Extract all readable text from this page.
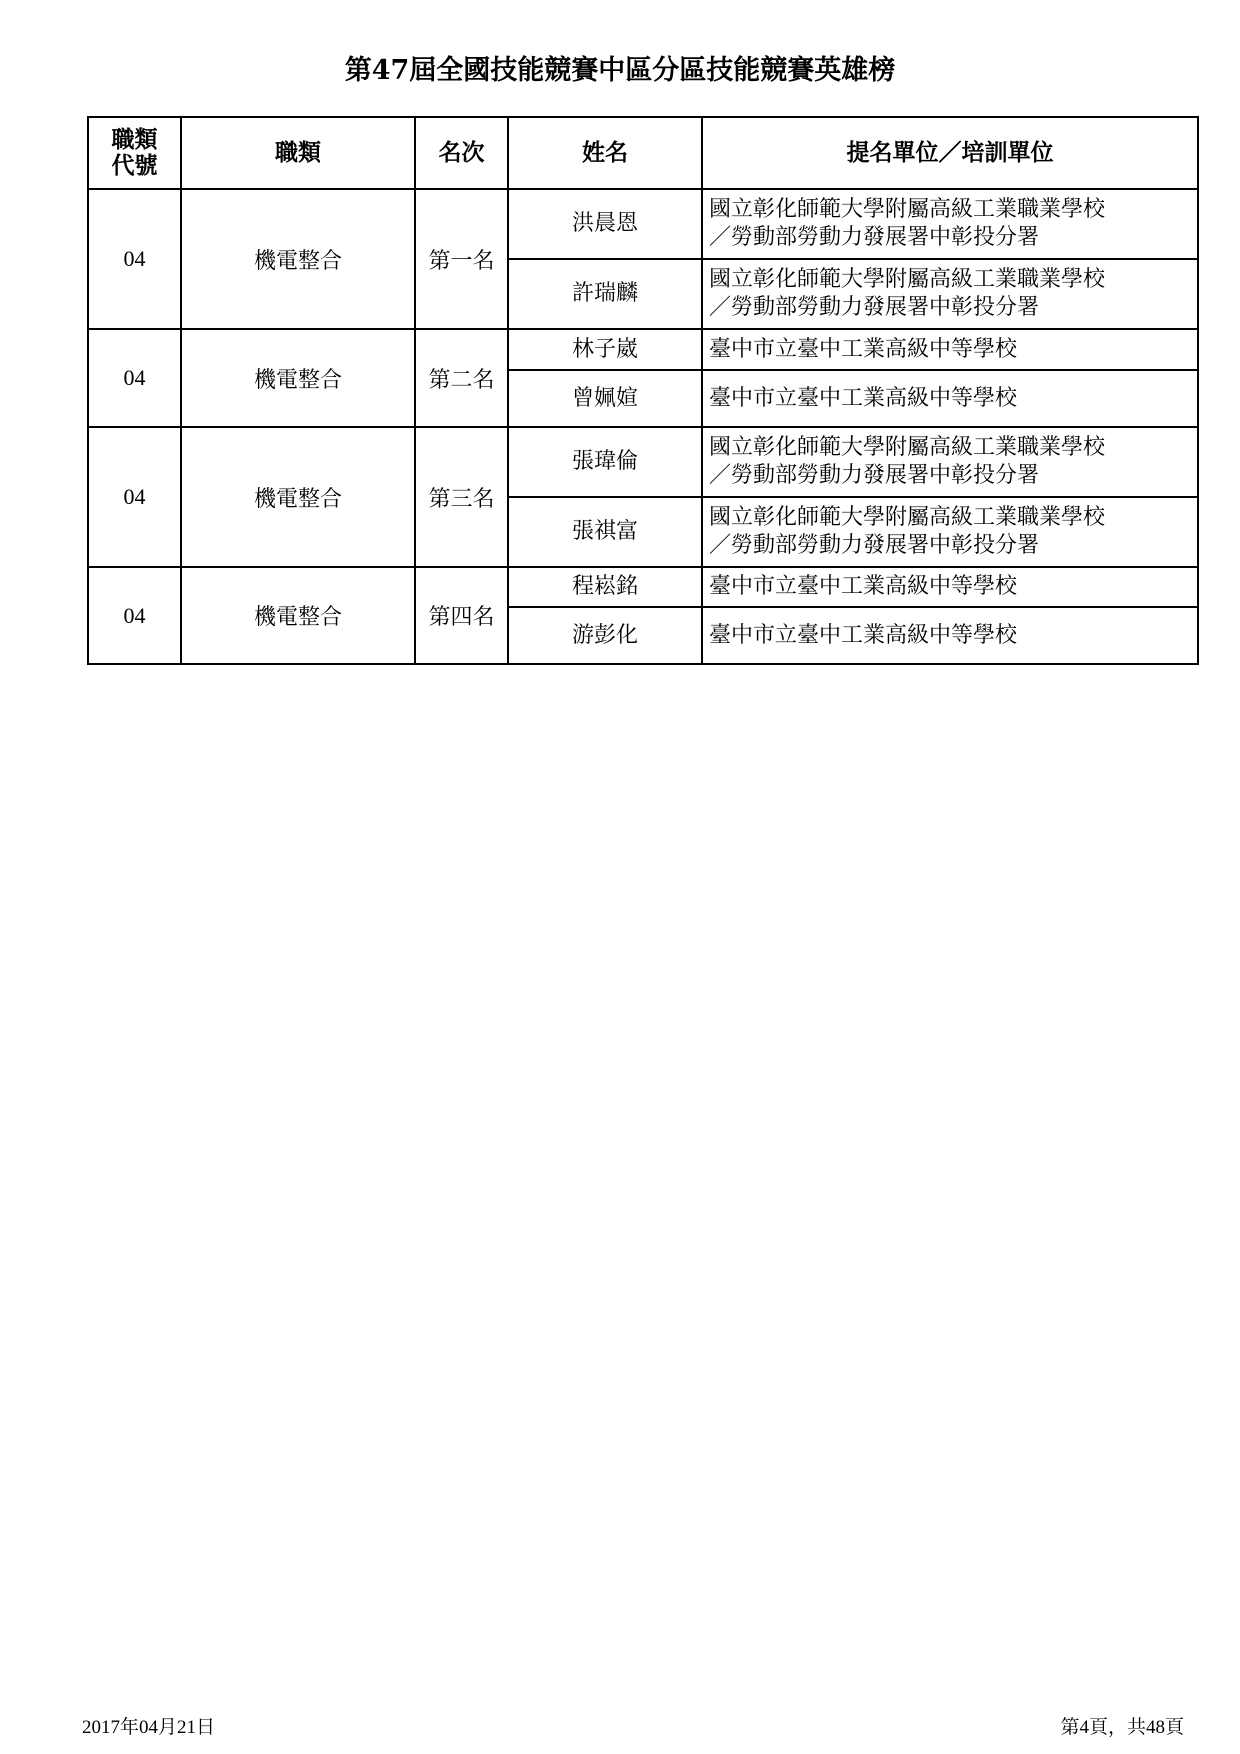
第47屆全國技能競賽中區分區技能競賽英雄榜
職類
代號	職類	名次	姓名	提名單位／培訓單位
04	機電整合	第一名	洪晨恩	國立彰化師範大學附屬高級工業職業學校
／勞動部勞動力發展署中彰投分署

			許瑞麟	國立彰化師範大學附屬高級工業職業學校
／勞動部勞動力發展署中彰投分署

04	機電整合	第二名	林子崴	臺中市立臺中工業高級中等學校
			曾姵媗	臺中市立臺中工業高級中等學校
04	機電整合	第三名	張瑋倫	國立彰化師範大學附屬高級工業職業學校
／勞動部勞動力發展署中彰投分署

			張祺富	國立彰化師範大學附屬高級工業職業學校
／勞動部勞動力發展署中彰投分署

04	機電整合	第四名	程崧銘	臺中市立臺中工業高級中等學校
			游彭化	臺中市立臺中工業高級中等學校
2017年04月21日	第4頁，共48頁
